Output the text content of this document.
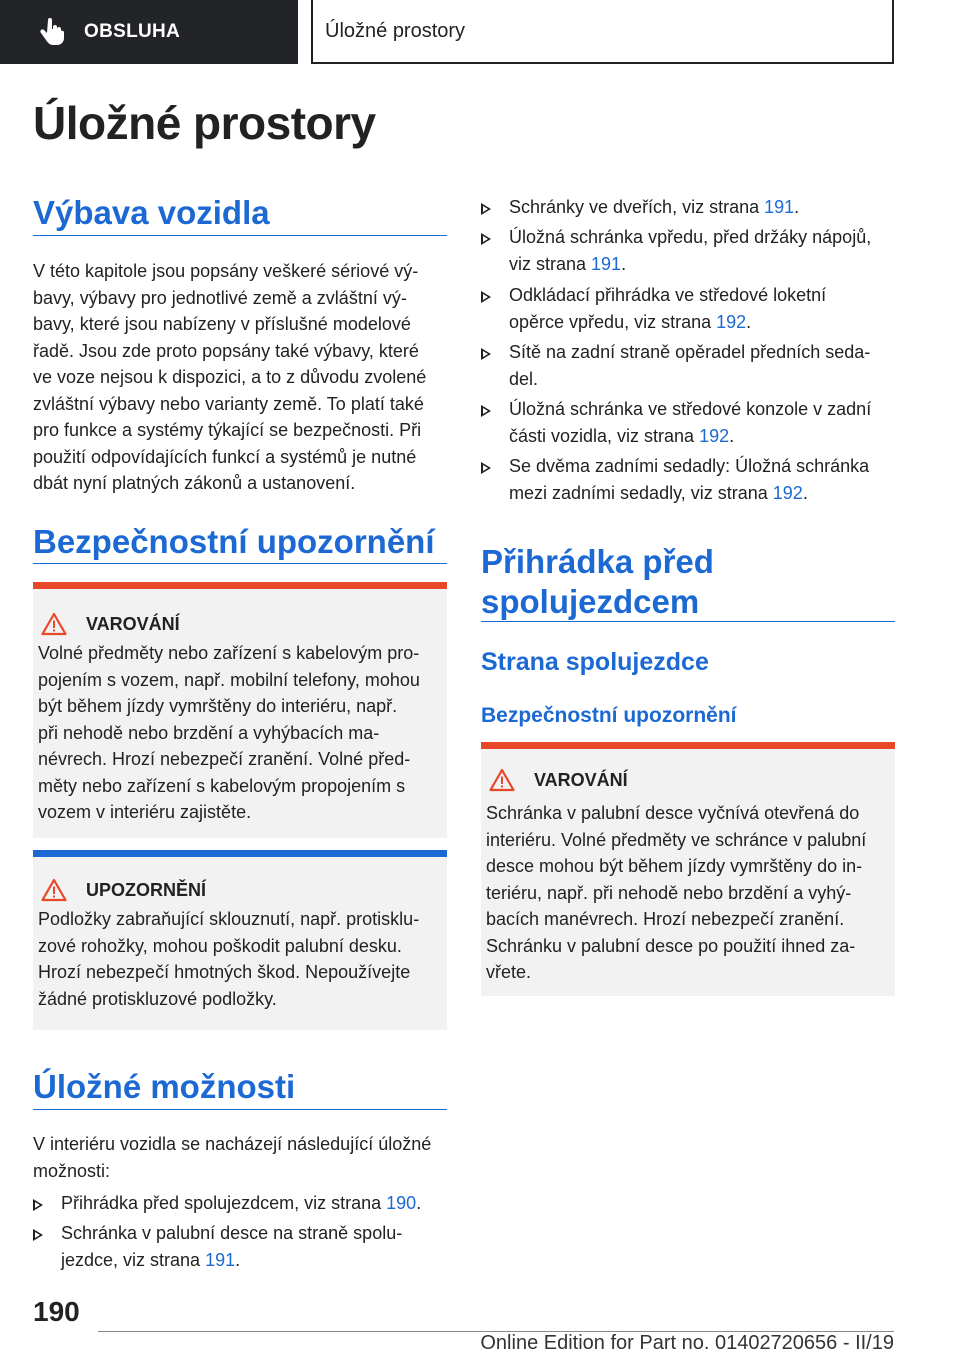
OBSLUHA	Úložné prostory
Úložné prostory
Výbava vozidla

V této kapitole jsou popsány veškeré sériové vý-

bavy, výbavy pro jednotlivé země a zvláštní vý-

bavy, které jsou nabízeny v příslušné modelové

řadě. Jsou zde proto popsány také výbavy, které

ve voze nejsou k dispozici, a to z důvodu zvolené

zvláštní výbavy nebo varianty země. To platí také

pro funkce a systémy týkající se bezpečnosti. Při

použití odpovídajících funkcí a systémů je nutné

dbát nyní platných zákonů a ustanovení.

Bezpečnostní upozornění
VAROVÁNÍ

Volné předměty nebo zařízení s kabelovým pro-

pojením s vozem, např. mobilní telefony, mohou

být během jízdy vymrštěny do interiéru, např.

při nehodě nebo brzdění a vyhýbacích ma-

névrech. Hrozí nebezpečí zranění. Volné před-

měty nebo zařízení s kabelovým propojením s

vozem v interiéru zajistěte.

UPOZORNĚNÍ

Podložky zabraňující sklouznutí, např. protisklu-

zové rohožky, mohou poškodit palubní desku.

Hrozí nebezpečí hmotných škod. Nepoužívejte

žádné protiskluzové podložky.

Úložné možnosti

V interiéru vozidla se nacházejí následující úložné

možnosti:

Přihrádka před spolujezdcem, viz strana 190.

Schránka v palubní desce na straně spolu-

jezdce, viz strana 191.

Schránky ve dveřích, viz strana 191.

Úložná schránka vpředu, před držáky nápojů,

viz strana 191.

Odkládací přihrádka ve středové loketní

opěrce vpředu, viz strana 192.

Sítě na zadní straně opěradel předních seda-

del.

Úložná schránka ve středové konzole v zadní

části vozidla, viz strana 192.

Se dvěma zadními sedadly: Úložná schránka

mezi zadními sedadly, viz strana 192.

Přihrádka před
spolujezdcem
Strana spolujezdce
Bezpečnostní upozornění
VAROVÁNÍ

Schránka v palubní desce vyčnívá otevřená do

interiéru. Volné předměty ve schránce v palubní

desce mohou být během jízdy vymrštěny do in-

teriéru, např. při nehodě nebo brzdění a vyhý-

bacích manévrech. Hrozí nebezpečí zranění.

Schránku v palubní desce po použití ihned za-

vřete.

190
Online Edition for Part no. 01402720656 - II/19
